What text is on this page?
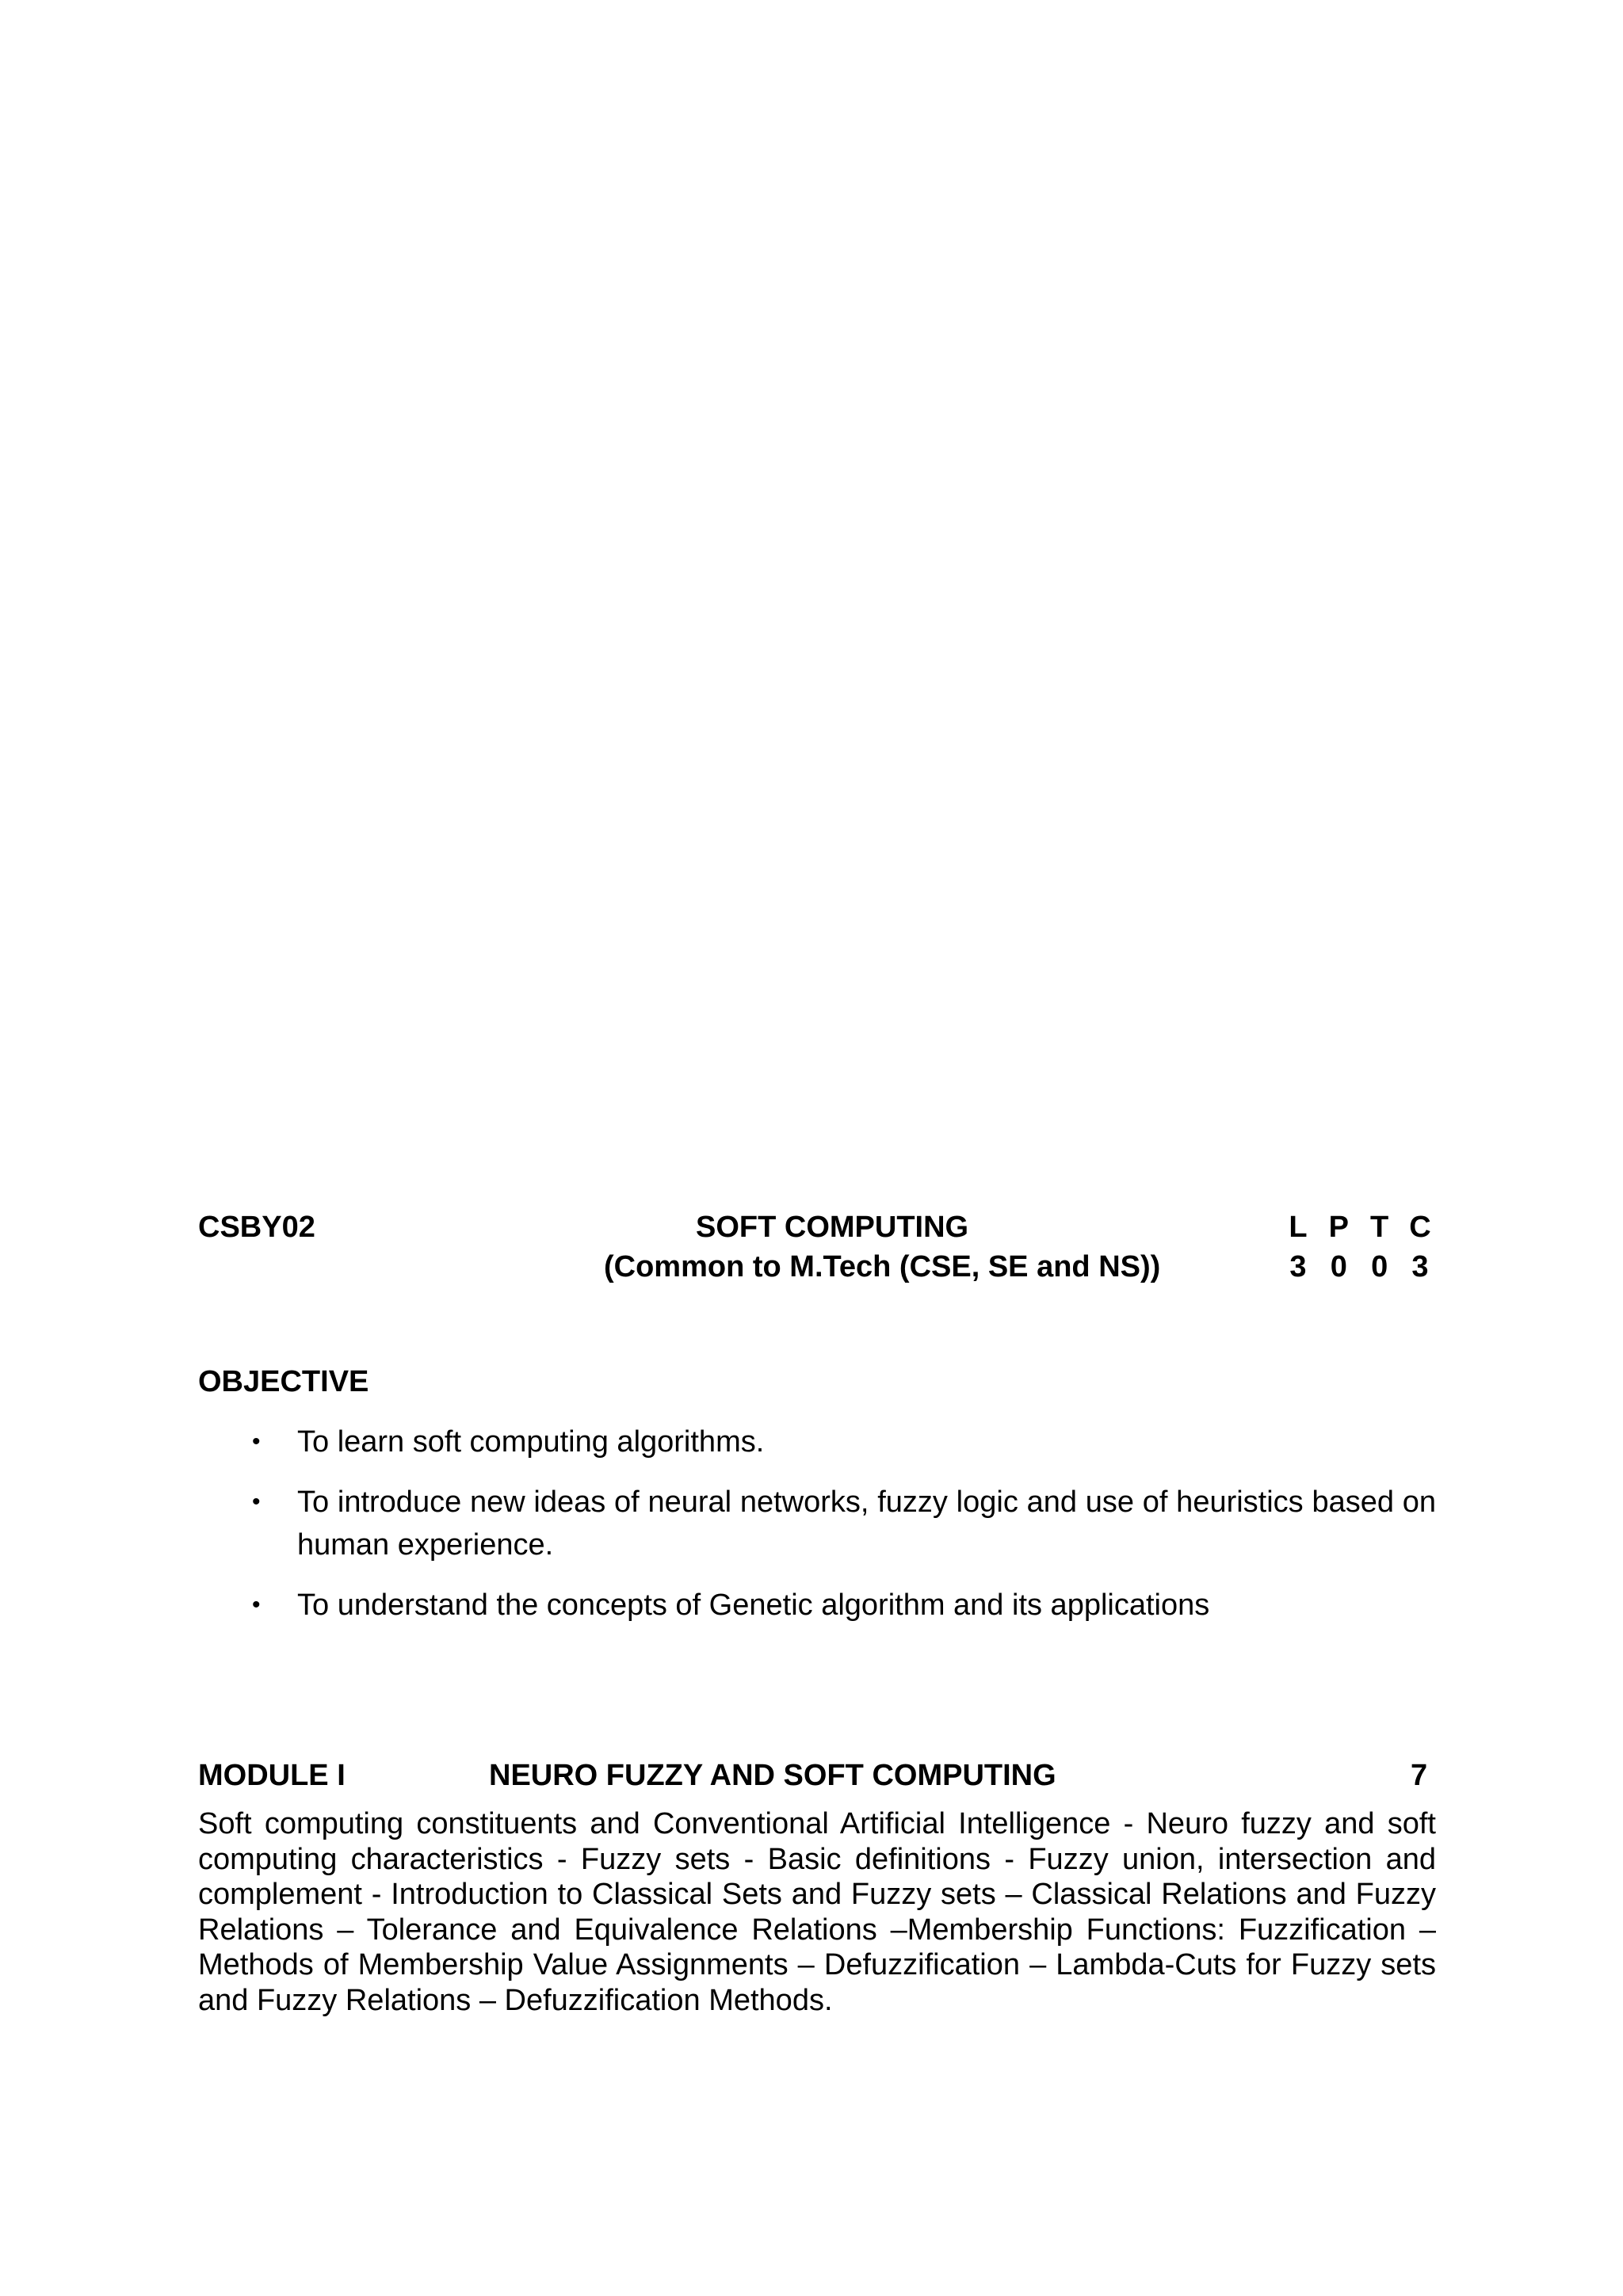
CSBY02	SOFT COMPUTING
(Common to M.Tech (CSE, SE and NS))
L P T C
3 0 0 3
OBJECTIVE
• To learn soft computing algorithms.
• To introduce new ideas of neural networks, fuzzy logic and use of heuristics based on human experience.
• To understand the concepts of Genetic algorithm and its applications
MODULE I	NEURO FUZZY AND SOFT COMPUTING	7

Soft computing constituents and Conventional Artificial Intelligence - Neuro fuzzy and soft computing characteristics - Fuzzy sets - Basic definitions - Fuzzy union, intersection and complement - Introduction to Classical Sets and Fuzzy sets – Classical Relations and Fuzzy Relations – Tolerance and Equivalence Relations –Membership Functions: Fuzzification – Methods of Membership Value Assignments – Defuzzification – Lambda-Cuts for Fuzzy sets and Fuzzy Relations – Defuzzification Methods.
